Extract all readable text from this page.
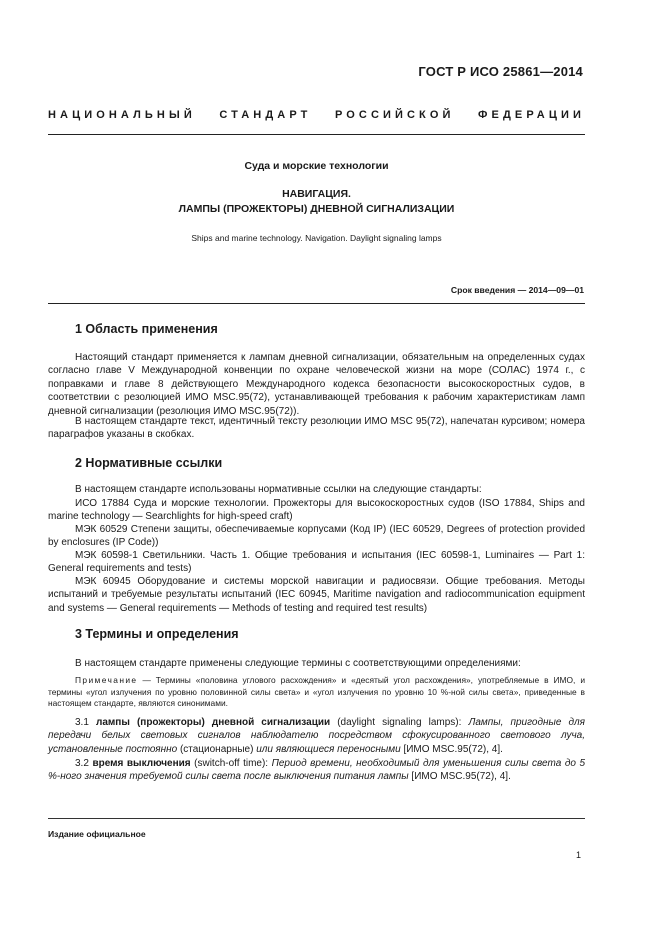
ГОСТ Р ИСО 25861—2014
НАЦИОНАЛЬНЫЙ СТАНДАРТ РОССИЙСКОЙ ФЕДЕРАЦИИ
Суда и морские технологии
НАВИГАЦИЯ.
ЛАМПЫ (ПРОЖЕКТОРЫ) ДНЕВНОЙ СИГНАЛИЗАЦИИ
Ships and marine technology. Navigation. Daylight signaling lamps
Срок введения — 2014—09—01
1 Область применения
Настоящий стандарт применяется к лампам дневной сигнализации, обязательным на определенных судах согласно главе V Международной конвенции по охране человеческой жизни на море (СОЛАС) 1974 г., с поправками и главе 8 действующего Международного кодекса безопасности высокоскоростных судов, в соответствии с резолюцией ИМО MSC.95(72), устанавливающей требования к рабочим характеристикам ламп дневной сигнализации (резолюция ИМО MSC.95(72)).
В настоящем стандарте текст, идентичный тексту резолюции ИМО MSC 95(72), напечатан курсивом; номера параграфов указаны в скобках.
2 Нормативные ссылки
В настоящем стандарте использованы нормативные ссылки на следующие стандарты:
ИСО 17884 Суда и морские технологии. Прожекторы для высокоскоростных судов (ISO 17884, Ships and marine technology — Searchlights for high-speed craft)
МЭК 60529 Степени защиты, обеспечиваемые корпусами (Код IP) (IEC 60529, Degrees of protection provided by enclosures (IP Code))
МЭК 60598-1 Светильники. Часть 1. Общие требования и испытания (IEC 60598-1, Luminaires — Part 1: General requirements and tests)
МЭК 60945 Оборудование и системы морской навигации и радиосвязи. Общие требования. Методы испытаний и требуемые результаты испытаний (IEC 60945, Maritime navigation and radiocommunication equipment and systems — General requirements — Methods of testing and required test results)
3 Термины и определения
В настоящем стандарте применены следующие термины с соответствующими определениями:
Примечание — Термины «половина углового расхождения» и «десятый угол расхождения», употребляемые в ИМО, и термины «угол излучения по уровню половинной силы света» и «угол излучения по уровню 10 %-ной силы света», приведенные в настоящем стандарте, являются синонимами.
3.1 лампы (прожекторы) дневной сигнализации (daylight signaling lamps): Лампы, пригодные для передачи белых световых сигналов наблюдателю посредством сфокусированного светового луча, установленные постоянно (стационарные) или являющиеся переносными [ИМО MSC.95(72), 4].
3.2 время выключения (switch-off time): Период времени, необходимый для уменьшения силы света до 5 %-ного значения требуемой силы света после выключения питания лампы [ИМО MSC.95(72), 4].
Издание официальное
1
